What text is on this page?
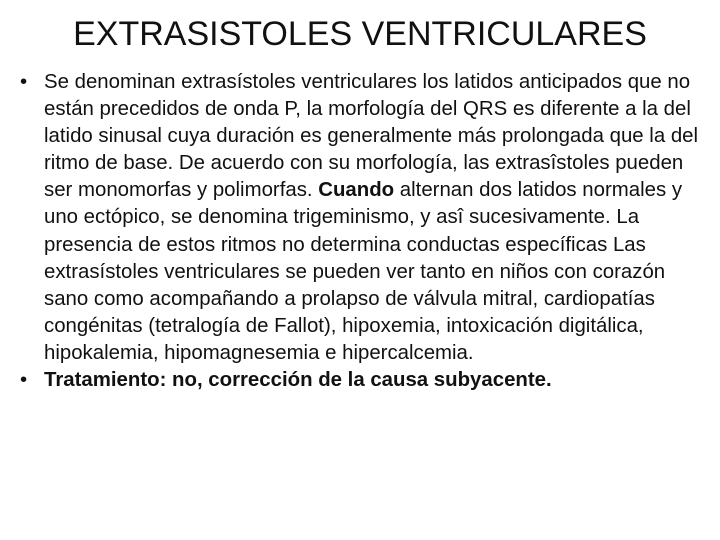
EXTRASISTOLES VENTRICULARES
• Se denominan extrasístoles ventriculares los latidos anticipados que no están precedidos de onda P, la morfología del QRS es diferente a la del latido sinusal cuya duración es generalmente más prolongada que la del ritmo de base. De acuerdo con su morfología, las extrasîstoles pueden ser monomorfas y polimorfas. Cuando alternan dos latidos normales y uno ectópico, se denomina trigeminismo, y asî sucesivamente. La presencia de estos ritmos no determina conductas específicas Las extrasístoles ventriculares se pueden ver tanto en niños con corazón sano como acompañando a prolapso de válvula mitral, cardiopatías congénitas (tetralogía de Fallot), hipoxemia, intoxicación digitálica, hipokalemia, hipomagnesemia e hipercalcemia.
• Tratamiento: no, corrección de la causa subyacente.
